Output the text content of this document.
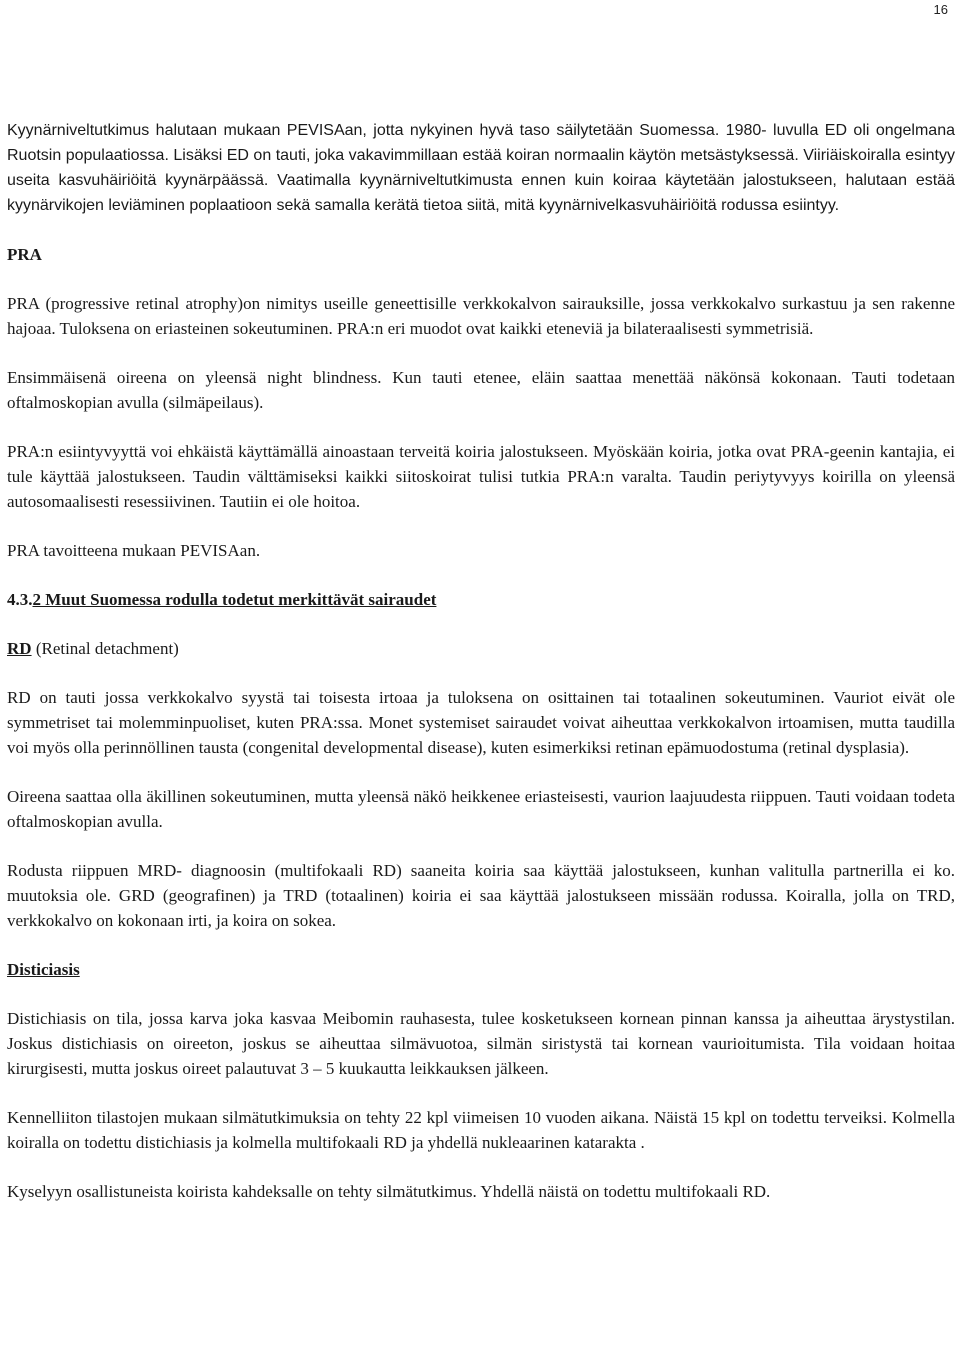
16

Kyynärniveltutkimus halutaan mukaan PEVISAan, jotta nykyinen hyvä taso säilytetään Suomessa. 1980- luvulla ED oli ongelmana Ruotsin populaatiossa. Lisäksi ED on tauti, joka vakavimmillaan estää koiran normaalin käytön metsästyksessä. Viiriäiskoiralla esintyy useita kasvuhäiriöitä kyynärpäässä. Vaatimalla kyynärniveltutkimusta ennen kuin koiraa käytetään jalostukseen, halutaan estää kyynärvikojen leviäminen poplaatioon sekä samalla kerätä tietoa siitä, mitä kyynärnivelkasvuhäiriöitä rodussa esiintyy.

PRA

PRA (progressive retinal atrophy)on nimitys useille geneettisille verkkokalvon sairauksille, jossa verkkokalvo surkastuu ja sen rakenne hajoaa. Tuloksena on eriasteinen sokeutuminen. PRA:n eri muodot ovat kaikki eteneviä ja bilateraalisesti symmetrisiä.

Ensimmäisenä oireena on yleensä night blindness. Kun tauti etenee, eläin saattaa menettää näkönsä kokonaan. Tauti todetaan oftalmoskopian avulla (silmäpeilaus).

PRA:n esiintyvyyttä voi ehkäistä käyttämällä ainoastaan terveitä koiria jalostukseen. Myöskään koiria, jotka ovat PRA-geenin kantajia, ei tule käyttää jalostukseen. Taudin välttämiseksi kaikki siitoskoirat tulisi tutkia PRA:n varalta. Taudin periytyvyys koirilla on yleensä autosomaalisesti resessiivinen. Tautiin ei ole hoitoa.

PRA tavoitteena mukaan PEVISAan.

4.3.2 Muut Suomessa rodulla todetut merkittävät sairaudet

RD (Retinal detachment)

RD on tauti jossa verkkokalvo syystä tai toisesta irtoaa ja tuloksena on osittainen tai totaalinen sokeutuminen. Vauriot eivät ole symmetriset tai molemminpuoliset, kuten PRA:ssa. Monet systemiset sairaudet voivat aiheuttaa verkkokalvon irtoamisen, mutta taudilla voi myös olla perinnöllinen tausta (congenital developmental disease), kuten esimerkiksi retinan epämuodostuma (retinal dysplasia).

Oireena saattaa olla äkillinen sokeutuminen, mutta yleensä näkö heikkenee eriasteisesti, vaurion laajuudesta riippuen. Tauti voidaan todeta oftalmoskopian avulla.

Rodusta riippuen MRD- diagnoosin (multifokaali RD) saaneita koiria saa käyttää jalostukseen, kunhan valitulla partnerilla ei ko. muutoksia ole. GRD (geografinen) ja TRD (totaalinen) koiria ei saa käyttää jalostukseen missään rodussa. Koiralla, jolla on TRD, verkkokalvo on kokonaan irti, ja koira on sokea.

Disticiasis

Distichiasis on tila, jossa karva joka kasvaa Meibomin rauhasesta, tulee kosketukseen kornean pinnan kanssa ja aiheuttaa ärystystilan. Joskus distichiasis on oireeton, joskus se aiheuttaa silmävuotoa, silmän siristystä tai kornean vaurioitumista. Tila voidaan hoitaa kirurgisesti, mutta joskus oireet palautuvat 3 – 5 kuukautta leikkauksen jälkeen.

Kennelliiton tilastojen mukaan silmätutkimuksia on tehty 22 kpl viimeisen 10 vuoden aikana. Näistä 15 kpl on todettu terveiksi. Kolmella koiralla on todettu distichiasis ja kolmella multifokaali RD ja yhdellä nukleaarinen kataraktа .

Kyselyyn osallistuneista koirista kahdeksalle on tehty silmätutkimus. Yhdellä näistä on todettu multifokaali RD.
